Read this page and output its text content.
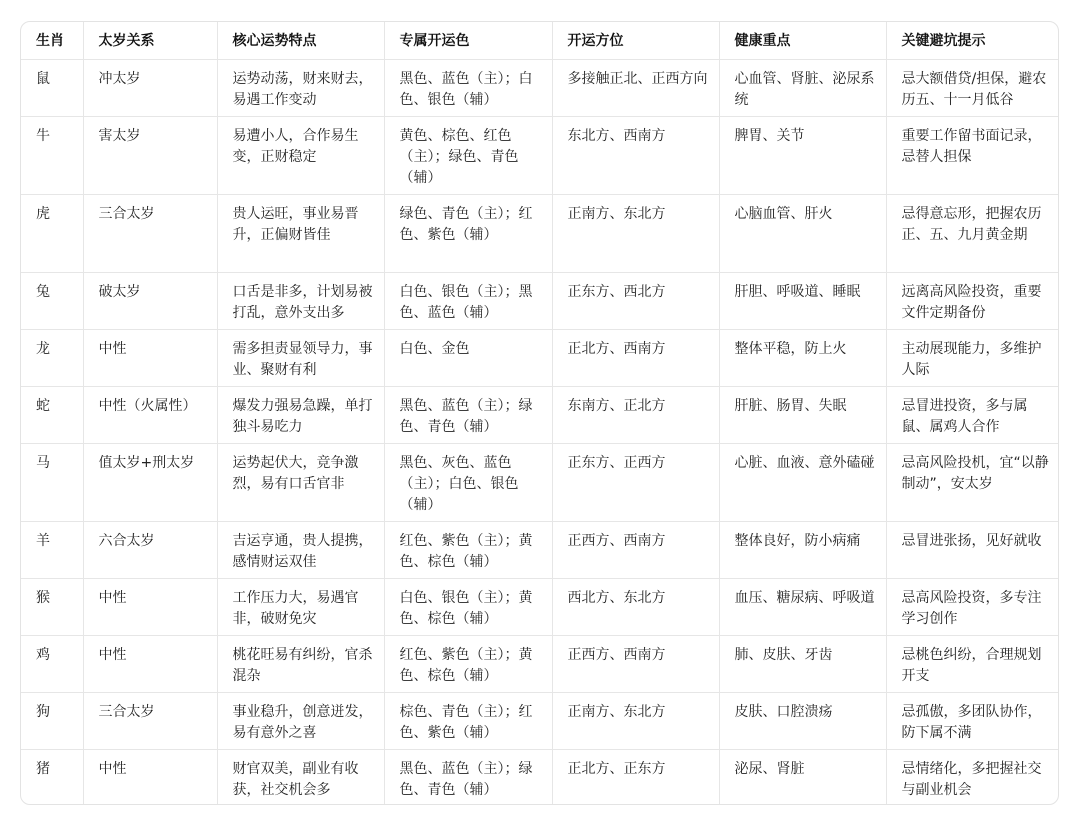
生肖	太岁关系	核心运势特点	专属开运色	开运方位	健康重点	关键避坑提示
鼠	冲太岁	运势动荡，财来财去，易遇工作变动	黑色、蓝色（主）；白色、银色（辅）	多接触正北、正西方向	心血管、肾脏、泌尿系统	忌大额借贷/担保，避农历五、十一月低谷
牛	害太岁	易遭小人，合作易生变，正财稳定	黄色、棕色、红色（主）；绿色、青色（辅）	东北方、西南方	脾胃、关节	重要工作留书面记录，忌替人担保
虎	三合太岁	贵人运旺，事业易晋升，正偏财皆佳	绿色、青色（主）；红色、紫色（辅）	正南方、东北方	心脑血管、肝火	忌得意忘形，把握农历正、五、九月黄金期
兔	破太岁	口舌是非多，计划易被打乱，意外支出多	白色、银色（主）；黑色、蓝色（辅）	正东方、西北方	肝胆、呼吸道、睡眠	远离高风险投资，重要文件定期备份
龙	中性	需多担责显领导力，事业、聚财有利	白色、金色	正北方、西南方	整体平稳，防上火	主动展现能力，多维护人际
蛇	中性（火属性）	爆发力强易急躁，单打独斗易吃力	黑色、蓝色（主）；绿色、青色（辅）	东南方、正北方	肝脏、肠胃、失眠	忌冒进投资，多与属鼠、属鸡人合作
马	值太岁+刑太岁	运势起伏大，竞争激烈，易有口舌官非	黑色、灰色、蓝色（主）；白色、银色（辅）	正东方、正西方	心脏、血液、意外磕碰	忌高风险投机，宜“以静制动”，安太岁
羊	六合太岁	吉运亨通，贵人提携，感情财运双佳	红色、紫色（主）；黄色、棕色（辅）	正西方、西南方	整体良好，防小病痛	忌冒进张扬，见好就收
猴	中性	工作压力大，易遇官非，破财免灾	白色、银色（主）；黄色、棕色（辅）	西北方、东北方	血压、糖尿病、呼吸道	忌高风险投资，多专注学习创作
鸡	中性	桃花旺易有纠纷，官杀混杂	红色、紫色（主）；黄色、棕色（辅）	正西方、西南方	肺、皮肤、牙齿	忌桃色纠纷，合理规划开支
狗	三合太岁	事业稳升，创意迸发，易有意外之喜	棕色、青色（主）；红色、紫色（辅）	正南方、东北方	皮肤、口腔溃疡	忌孤傲，多团队协作，防下属不满
猪	中性	财官双美，副业有收获，社交机会多	黑色、蓝色（主）；绿色、青色（辅）	正北方、正东方	泌尿、肾脏	忌情绪化，多把握社交与副业机会
